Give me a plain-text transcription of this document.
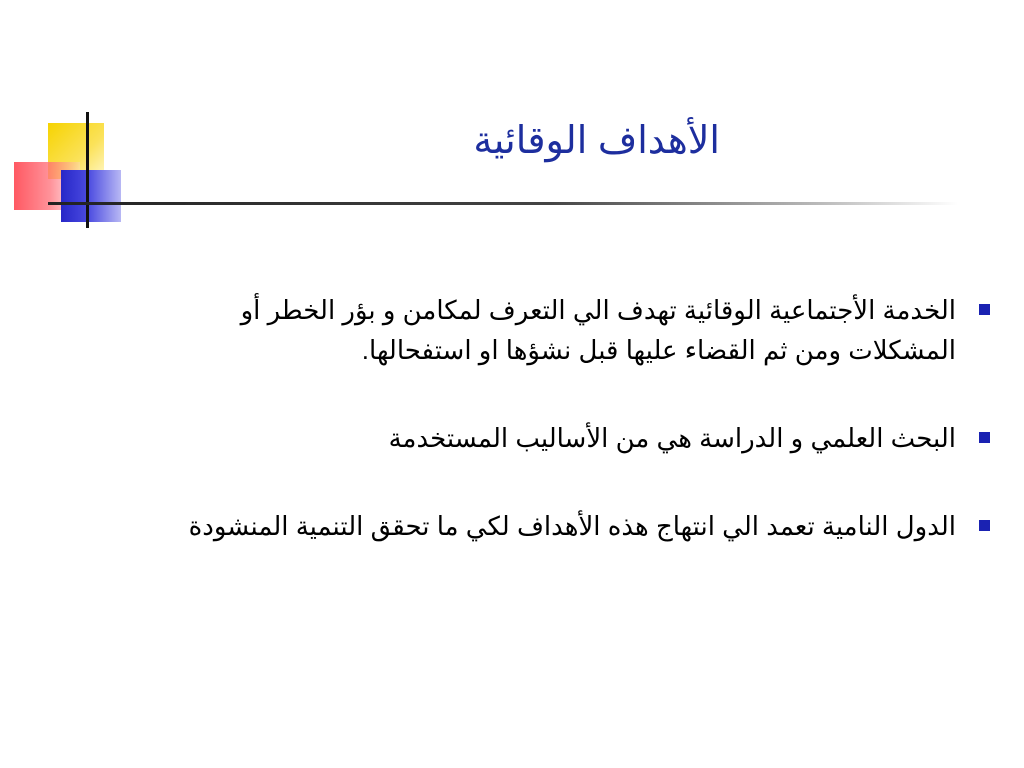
الأهداف الوقائية
الخدمة الأجتماعية الوقائية تهدف الي التعرف لمكامن و بؤر الخطر أو المشكلات ومن ثم القضاء عليها قبل نشؤها او استفحالها.
البحث العلمي و الدراسة هي من الأساليب المستخدمة
الدول النامية تعمد الي انتهاج هذه الأهداف لكي ما تحقق التنمية المنشودة
